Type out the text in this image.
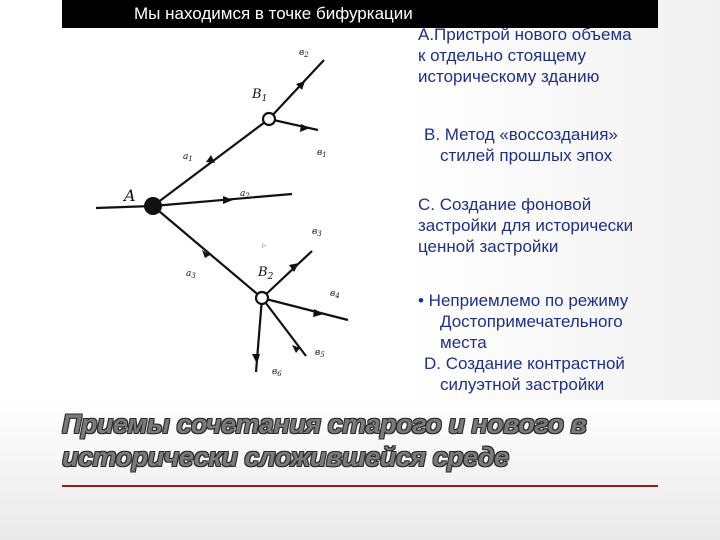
A
$B_1$
$B_2$
$a_1$
$a_2$
$a_3$
$в_2$
$в_1$
$в_3$
$в_4$
$в_5$
$в_6$
▹
Мы находимся в точке бифуркации
А.Пристрой нового объема
к отдельно стоящему
историческому зданию
В. Метод «воссоздания»
стилей прошлых эпох
С. Создание фоновой
застройки для исторически
ценной застройки
• Неприемлемо по режиму
Достопримечательного
места
D. Создание контрастной
силуэтной застройки
Приемы сочетания старого и нового в
исторически сложившейся среде
